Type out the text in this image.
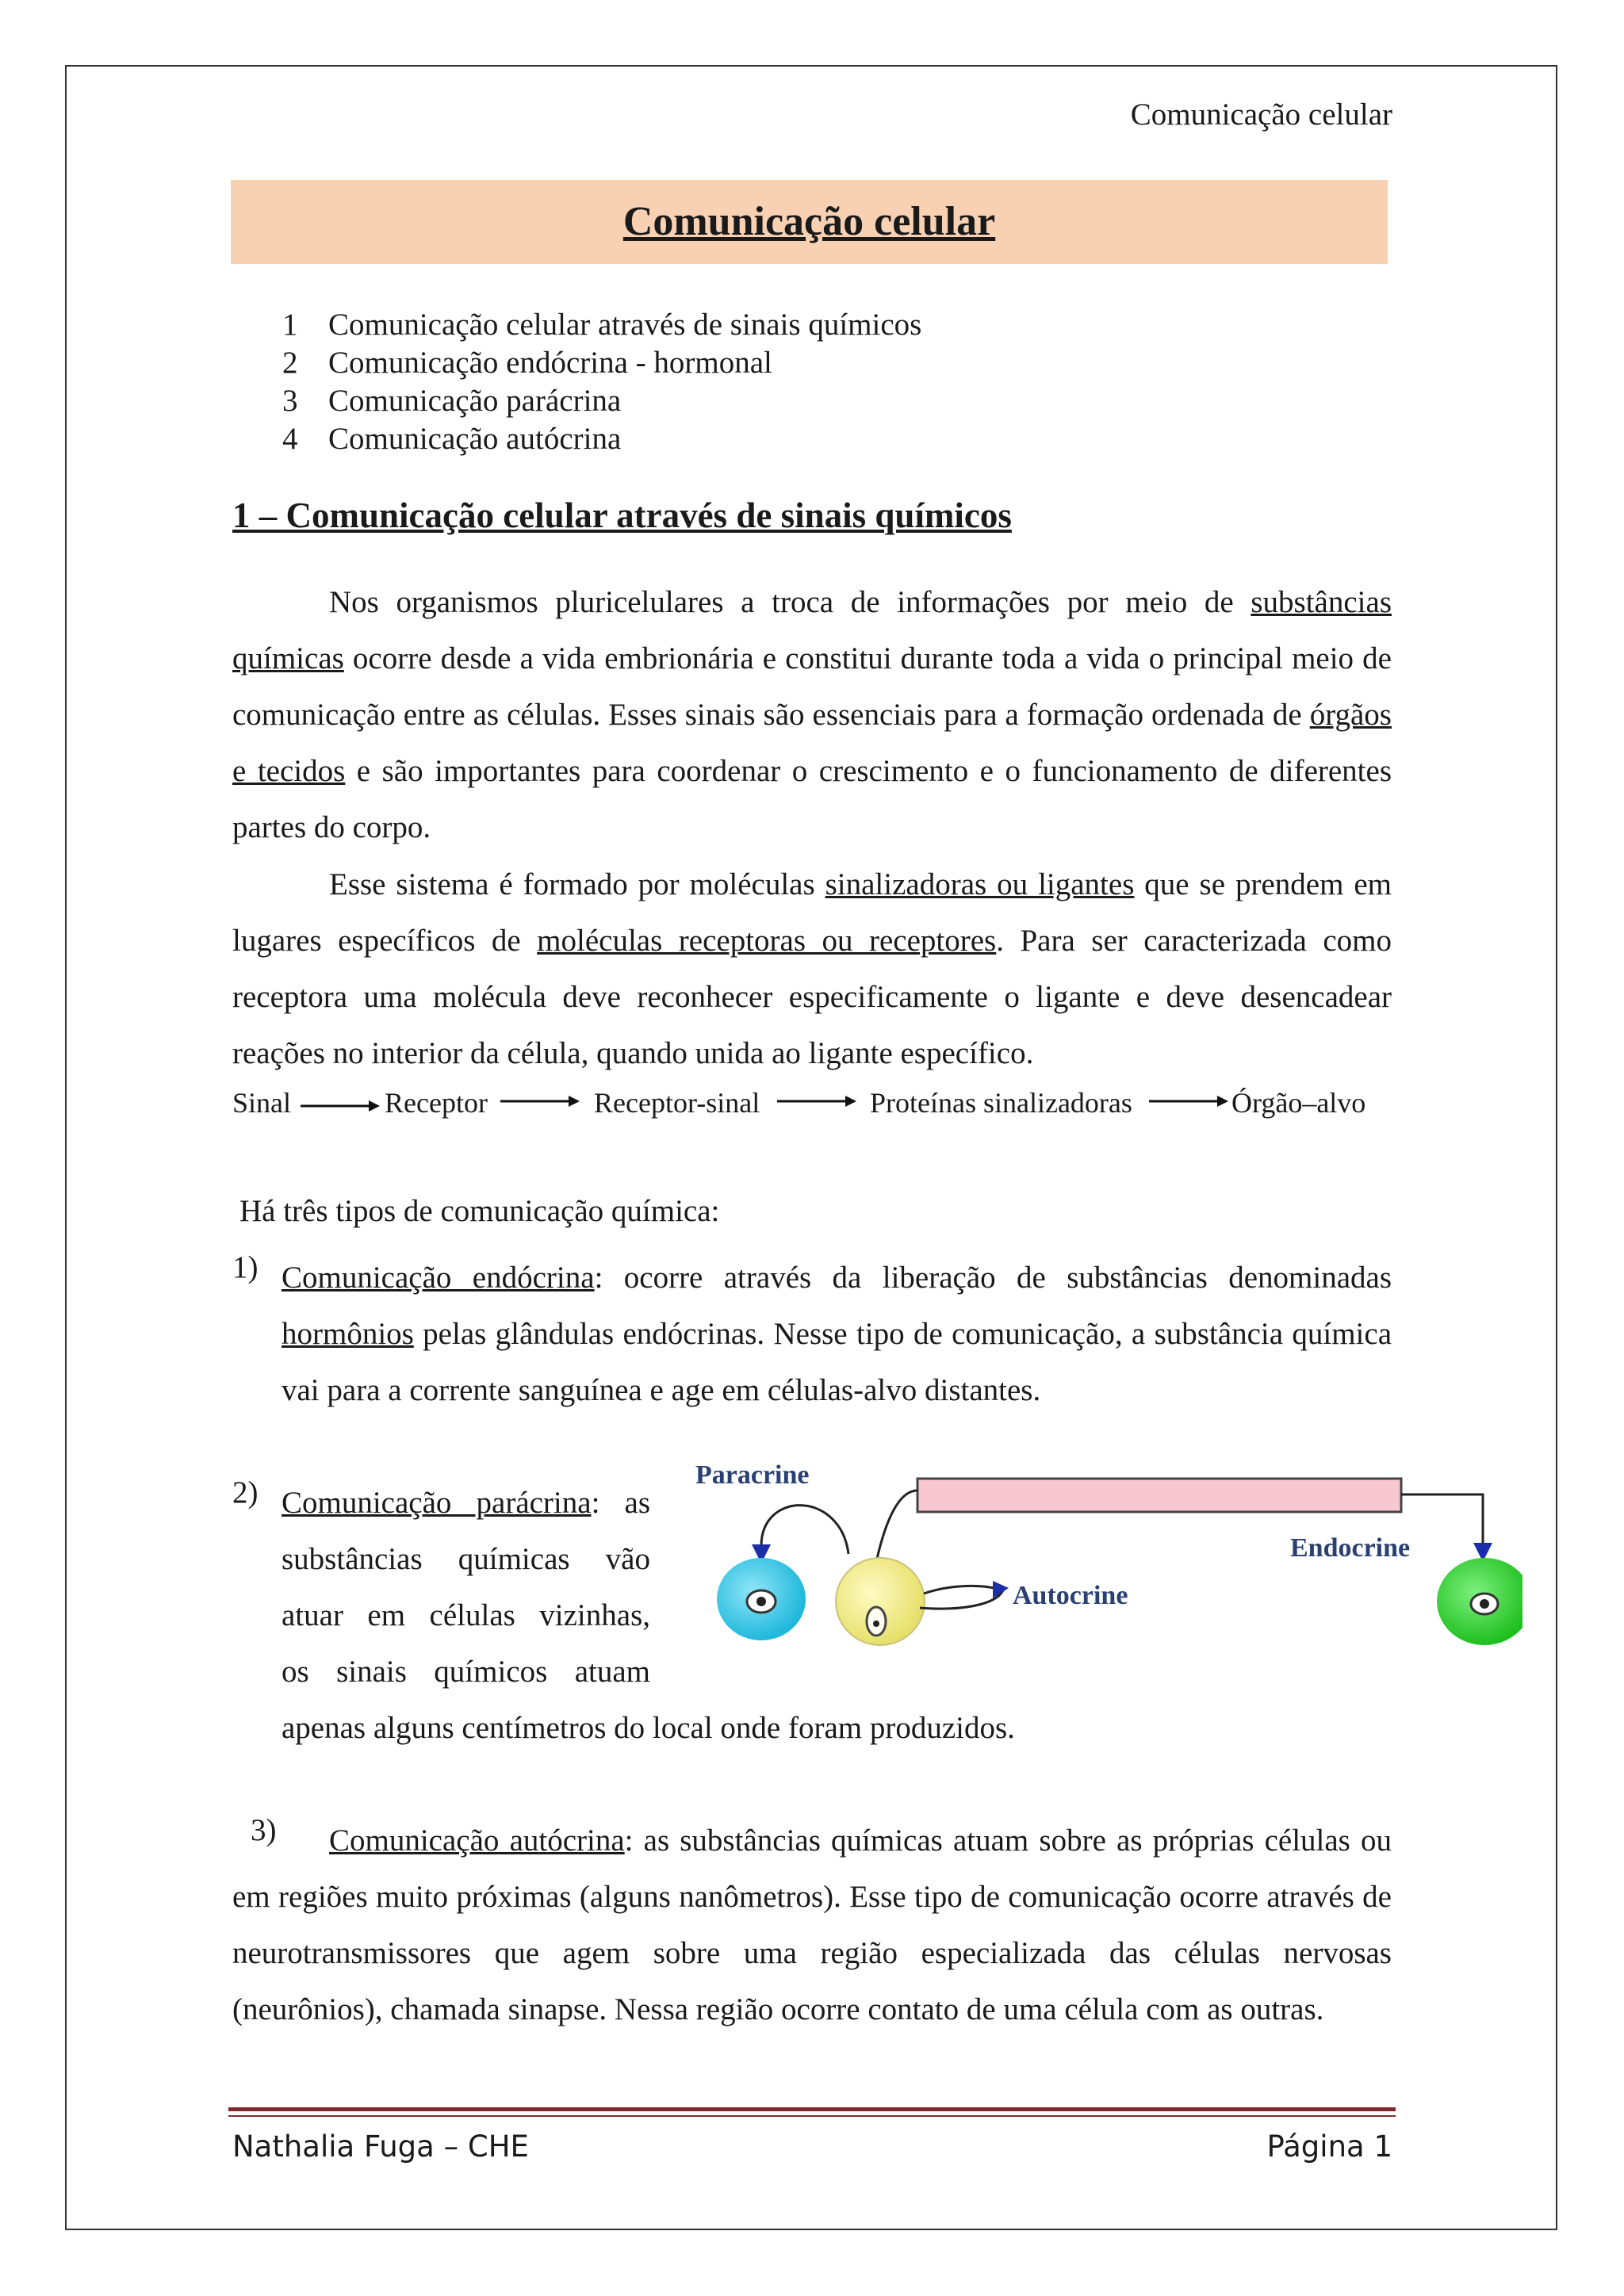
Comunicação celular
Comunicação celular
1 Comunicação celular através de sinais químicos
2 Comunicação endócrina - hormonal
3 Comunicação parácrina
4 Comunicação autócrina
1 – Comunicação celular através de sinais químicos
Nos organismos pluricelulares a troca de informações por meio de substâncias químicas ocorre desde a vida embrionária e constitui durante toda a vida o principal meio de comunicação entre as células. Esses sinais são essenciais para a formação ordenada de órgãos e tecidos e são importantes para coordenar o crescimento e o funcionamento de diferentes partes do corpo.
Esse sistema é formado por moléculas sinalizadoras ou ligantes que se prendem em lugares específicos de moléculas receptoras ou receptores. Para ser caracterizada como receptora uma molécula deve reconhecer especificamente o ligante e deve desencadear reações no interior da célula, quando unida ao ligante específico.
Sinal	Receptor	Receptor-sinal	Proteínas sinalizadoras	Órgão–alvo
Há três tipos de comunicação química:
1) Comunicação endócrina: ocorre através da liberação de substâncias denominadas hormônios pelas glândulas endócrinas. Nesse tipo de comunicação, a substância química vai para a corrente sanguínea e age em células-alvo distantes.
2) Comunicação parácrina: as
substâncias químicas vão
atuar em células vizinhas,
os sinais químicos atuam
apenas alguns centímetros do local onde foram produzidos.
Paracrine
Endocrine
Autocrine
3)	Comunicação autócrina: as substâncias químicas atuam sobre as próprias células ou em regiões muito próximas (alguns nanômetros). Esse tipo de comunicação ocorre através de neurotransmissores que agem sobre uma região especializada das células nervosas (neurônios), chamada sinapse. Nessa região ocorre contato de uma célula com as outras.
Nathalia Fuga – CHE	Página 1
